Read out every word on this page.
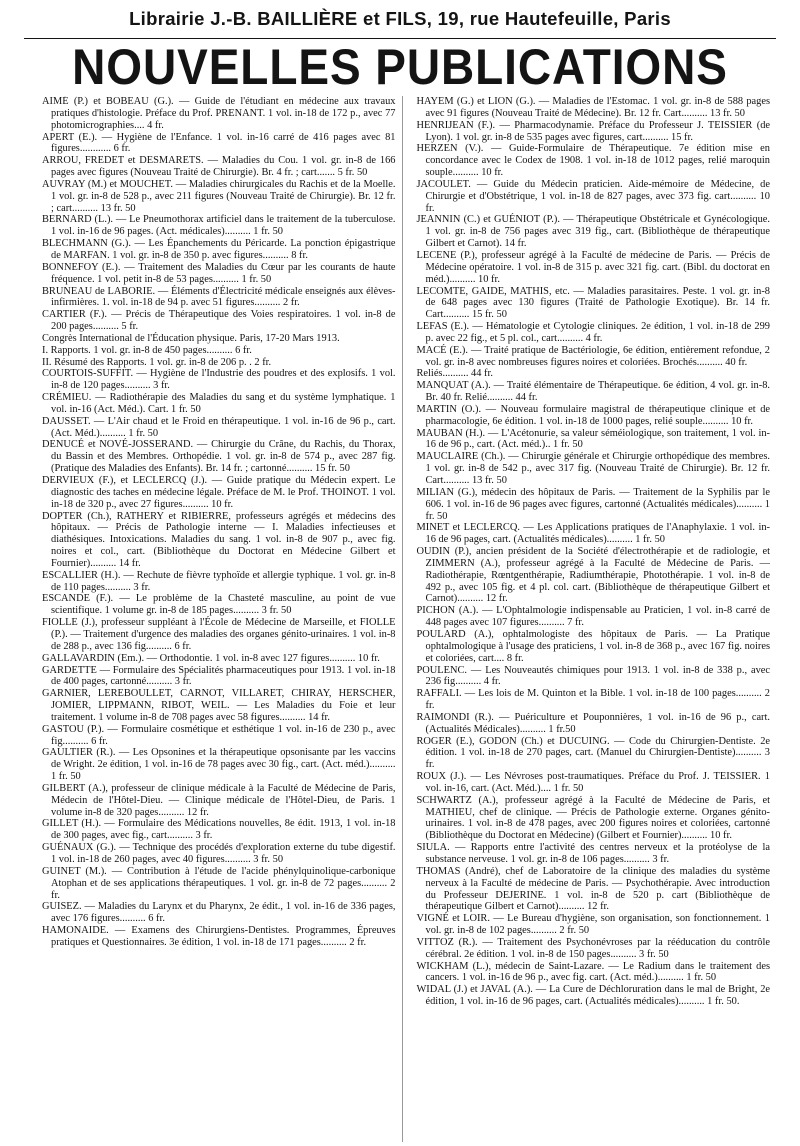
Librairie J.-B. BAILLIÈRE et FILS, 19, rue Hautefeuille, Paris
NOUVELLES PUBLICATIONS

AIMÉ (P.) et BOBEAU (G.). — Guide de l'étudiant en médecine aux travaux pratiques d'histologie. Préface du Prof. PRENANT. 1 vol. in-18 de 172 p., avec 77 photomicrographies.... 4 fr.

APERT (E.). — Hygiène de l'Enfance. 1 vol. in-16 carré de 416 pages avec 81 figures............ 6 fr.

ARROU, FREDET et DESMARETS. — Maladies du Cou. 1 vol. gr. in-8 de 166 pages avec figures (Nouveau Traité de Chirurgie). Br. 4 fr. ; cart....... 5 fr. 50

AUVRAY (M.) et MOUCHET. — Maladies chirurgicales du Rachis et de la Moelle. 1 vol. gr. in-8 de 528 p., avec 211 figures (Nouveau Traité de Chirurgie). Br. 12 fr. ; cart.......... 13 fr. 50

BERNARD (L.). — Le Pneumothorax artificiel dans le traitement de la tuberculose. 1 vol. in-16 de 96 pages. (Act. médicales).......... 1 fr. 50

BLECHMANN (G.). — Les Épanchements du Péricarde. La ponction épigastrique de MARFAN. 1 vol. gr. in-8 de 350 p. avec figures.......... 8 fr.

BONNEFOY (E.). — Traitement des Maladies du Cœur par les courants de haute fréquence. 1 vol. petit in-8 de 53 pages.......... 1 fr. 50

BRUNEAU de LABORIE. — Éléments d'Électricité médicale enseignés aux élèves-infirmières. 1. vol. in-18 de 94 p. avec 51 figures.......... 2 fr.

CARTIER (F.). — Précis de Thérapeutique des Voies respiratoires. 1 vol. in-8 de 200 pages.......... 5 fr.

Congrès International de l'Éducation physique. Paris, 17-20 Mars 1913.

I. Rapports. 1 vol. gr. in-8 de 450 pages.......... 6 fr.

II. Résumé des Rapports. 1 vol. gr. in-8 de 206 p. . 2 fr.

COURTOIS-SUFFIT. — Hygiène de l'Industrie des poudres et des explosifs. 1 vol. in-8 de 120 pages.......... 3 fr.

CRÉMIEU. — Radiothérapie des Maladies du sang et du système lymphatique. 1 vol. in-16 (Act. Méd.). Cart. 1 fr. 50

DAUSSET. — L'Air chaud et le Froid en thérapeutique. 1 vol. in-16 de 96 p., cart. (Act. Méd.).......... 1 fr. 50

DENUCÉ et NOVÉ-JOSSERAND. — Chirurgie du Crâne, du Rachis, du Thorax, du Bassin et des Membres. Orthopédie. 1 vol. gr. in-8 de 574 p., avec 287 fig. (Pratique des Maladies des Enfants). Br. 14 fr. ; cartonné.......... 15 fr. 50

DERVIEUX (F.), et LECLERCQ (J.). — Guide pratique du Médecin expert. Le diagnostic des taches en médecine légale. Préface de M. le Prof. THOINOT. 1 vol. in-18 de 320 p., avec 27 figures.......... 10 fr.

DOPTER (Ch.), RATHERY et RIBIERRE, professeurs agrégés et médecins des hôpitaux. — Précis de Pathologie interne — I. Maladies infectieuses et diathésiques. Intoxications. Maladies du sang. 1 vol. in-8 de 907 p., avec fig. noires et col., cart. (Bibliothèque du Doctorat en Médecine Gilbert et Fournier).......... 14 fr.

ESCALLIER (H.). — Rechute de fièvre typhoïde et allergie typhique. 1 vol. gr. in-8 de 110 pages.......... 3 fr.

ESCANDE (F.). — Le problème de la Chasteté masculine, au point de vue scientifique. 1 volume gr. in-8 de 185 pages.......... 3 fr. 50

FIOLLE (J.), professeur suppléant à l'École de Médecine de Marseille, et FIOLLE (P.). — Traitement d'urgence des maladies des organes génito-urinaires. 1 vol. in-8 de 288 p., avec 136 fig.......... 6 fr.

GALLAVARDIN (Em.). — Orthodontie. 1 vol. in-8 avec 127 figures.......... 10 fr.

GARDETTE — Formulaire des Spécialités pharmaceutiques pour 1913. 1 vol. in-18 de 400 pages, cartonné.......... 3 fr.

GARNIER, LEREBOULLET, CARNOT, VILLARET, CHIRAY, HERSCHER, JOMIER, LIPPMANN, RIBOT, WEIL. — Les Maladies du Foie et leur traitement. 1 volume in-8 de 708 pages avec 58 figures.......... 14 fr.

GASTOU (P.). — Formulaire cosmétique et esthétique 1 vol. in-16 de 230 p., avec fig.......... 6 fr.

GAULTIER (R.). — Les Opsonines et la thérapeutique opsonisante par les vaccins de Wright. 2e édition, 1 vol. in-16 de 78 pages avec 30 fig., cart. (Act. méd.).......... 1 fr. 50

GILBERT (A.), professeur de clinique médicale à la Faculté de Médecine de Paris, Médecin de l'Hôtel-Dieu. — Clinique médicale de l'Hôtel-Dieu, de Paris. 1 volume in-8 de 320 pages.......... 12 fr.

GILLET (H.). — Formulaire des Médications nouvelles, 8e édit. 1913, 1 vol. in-18 de 300 pages, avec fig., cart.......... 3 fr.

GUÉNAUX (G.). — Technique des procédés d'exploration externe du tube digestif. 1 vol. in-18 de 260 pages, avec 40 figures.......... 3 fr. 50

GUINET (M.). — Contribution à l'étude de l'acide phénylquinolique-carbonique Atophan et de ses applications thérapeutiques. 1 vol. gr. in-8 de 72 pages.......... 2 fr.

GUISEZ. — Maladies du Larynx et du Pharynx, 2e édit., 1 vol. in-16 de 336 pages, avec 176 figures.......... 6 fr.

HAMONAIDE. — Examens des Chirurgiens-Dentistes. Programmes, Épreuves pratiques et Questionnaires. 3e édition, 1 vol. in-18 de 171 pages.......... 2 fr.

HAYEM (G.) et LION (G.). — Maladies de l'Estomac. 1 vol. gr. in-8 de 588 pages avec 91 figures (Nouveau Traité de Médecine). Br. 12 fr. Cart.......... 13 fr. 50

HENRIJEAN (F.). — Pharmacodynamie. Préface du Professeur J. TEISSIER (de Lyon). 1 vol. gr. in-8 de 535 pages avec figures, cart.......... 15 fr.

HERZEN (V.). — Guide-Formulaire de Thérapeutique. 7e édition mise en concordance avec le Codex de 1908. 1 vol. in-18 de 1012 pages, relié maroquin souple.......... 10 fr.

JACOULET. — Guide du Médecin praticien. Aide-mémoire de Médecine, de Chirurgie et d'Obstétrique, 1 vol. in-18 de 827 pages, avec 373 fig. cart.......... 10 fr.

JEANNIN (C.) et GUÉNIOT (P.). — Thérapeutique Obstétricale et Gynécologique. 1 vol. gr. in-8 de 756 pages avec 319 fig., cart. (Bibliothèque de thérapeutique Gilbert et Carnot). 14 fr.

LECENE (P.), professeur agrégé à la Faculté de médecine de Paris. — Précis de Médecine opératoire. 1 vol. in-8 de 315 p. avec 321 fig. cart. (Bibl. du doctorat en méd.).......... 10 fr.

LECOMTE, GAIDE, MATHIS, etc. — Maladies parasitaires. Peste. 1 vol. gr. in-8 de 648 pages avec 130 figures (Traité de Pathologie Exotique). Br. 14 fr. Cart.......... 15 fr. 50

LEFAS (E.). — Hématologie et Cytologie cliniques. 2e édition, 1 vol. in-18 de 299 p. avec 22 fig., et 5 pl. col., cart.......... 4 fr.

MACÉ (E.). — Traité pratique de Bactériologie, 6e édition, entièrement refondue, 2 vol. gr. in-8 avec nombreuses figures noires et coloriées. Brochés.......... 40 fr.

Reliés.......... 44 fr.

MANQUAT (A.). — Traité élémentaire de Thérapeutique. 6e édition, 4 vol. gr. in-8. Br. 40 fr. Relié.......... 44 fr.

MARTIN (O.). — Nouveau formulaire magistral de thérapeutique clinique et de pharmacologie, 6e édition. 1 vol. in-18 de 1000 pages, relié souple.......... 10 fr.

MAUBAN (H.). — L'Acétonurie, sa valeur séméiologique, son traitement, 1 vol. in-16 de 96 p., cart. (Act. méd.).. 1 fr. 50

MAUCLAIRE (Ch.). — Chirurgie générale et Chirurgie orthopédique des membres. 1 vol. gr. in-8 de 542 p., avec 317 fig. (Nouveau Traité de Chirurgie). Br. 12 fr. Cart.......... 13 fr. 50

MILIAN (G.), médecin des hôpitaux de Paris. — Traitement de la Syphilis par le 606. 1 vol. in-16 de 96 pages avec figures, cartonné (Actualités médicales).......... 1 fr. 50

MINET et LECLERCQ. — Les Applications pratiques de l'Anaphylaxie. 1 vol. in-16 de 96 pages, cart. (Actualités médicales).......... 1 fr. 50

OUDIN (P.), ancien président de la Société d'électrothérapie et de radiologie, et ZIMMERN (A.), professeur agrégé à la Faculté de Médecine de Paris. — Radiothérapie, Rœntgenthérapie, Radiumthérapie, Photothérapie. 1 vol. in-8 de 492 p., avec 105 fig. et 4 pl. col. cart. (Bibliothèque de thérapeutique Gilbert et Carnot).......... 12 fr.

PICHON (A.). — L'Ophtalmologie indispensable au Praticien, 1 vol. in-8 carré de 448 pages avec 107 figures.......... 7 fr.

POULARD (A.), ophtalmologiste des hôpitaux de Paris. — La Pratique ophtalmologique à l'usage des praticiens, 1 vol. in-8 de 368 p., avec 167 fig. noires et coloriées, cart.... 8 fr.

POULENC. — Les Nouveautés chimiques pour 1913. 1 vol. in-8 de 338 p., avec 236 fig.......... 4 fr.

RAFFALI. — Les lois de M. Quinton et la Bible. 1 vol. in-18 de 100 pages.......... 2 fr.

RAIMONDI (R.). — Puériculture et Pouponnières, 1 vol. in-16 de 96 p., cart. (Actualités Médicales).......... 1 fr.50

ROGER (E.), GODON (Ch.) et DUCUING. — Code du Chirurgien-Dentiste. 2e édition. 1 vol. in-18 de 270 pages, cart. (Manuel du Chirurgien-Dentiste).......... 3 fr.

ROUX (J.). — Les Névroses post-traumatiques. Préface du Prof. J. TEISSIER. 1 vol. in-16, cart. (Act. Méd.).... 1 fr. 50

SCHWARTZ (A.), professeur agrégé à la Faculté de Médecine de Paris, et MATHIEU, chef de clinique. — Précis de Pathologie externe. Organes génito-urinaires. 1 vol. in-8 de 478 pages, avec 200 figures noires et coloriées, cartonné (Bibliothèque du Doctorat en Médecine) (Gilbert et Fournier).......... 10 fr.

SIULA. — Rapports entre l'activité des centres nerveux et la protéolyse de la substance nerveuse. 1 vol. gr. in-8 de 106 pages.......... 3 fr.

THOMAS (André), chef de Laboratoire de la clinique des maladies du système nerveux à la Faculté de médecine de Paris. — Psychothérapie. Avec introduction du Professeur DEJERINE. 1 vol. in-8 de 520 p. cart (Bibliothèque de thérapeutique Gilbert et Carnot).......... 12 fr.

VIGNÉ et LOIR. — Le Bureau d'hygiène, son organisation, son fonctionnement. 1 vol. gr. in-8 de 102 pages.......... 2 fr. 50

VITTOZ (R.). — Traitement des Psychonévroses par la rééducation du contrôle cérébral. 2e édition. 1 vol. in-8 de 150 pages.......... 3 fr. 50

WICKHAM (L.), médecin de Saint-Lazare. — Le Radium dans le traitement des cancers. 1 vol. in-16 de 96 p., avec fig. cart. (Act. méd.).......... 1 fr. 50

WIDAL (J.) et JAVAL (A.). — La Cure de Déchloruration dans le mal de Bright, 2e édition, 1 vol. in-16 de 96 pages, cart. (Actualités médicales).......... 1 fr. 50.
